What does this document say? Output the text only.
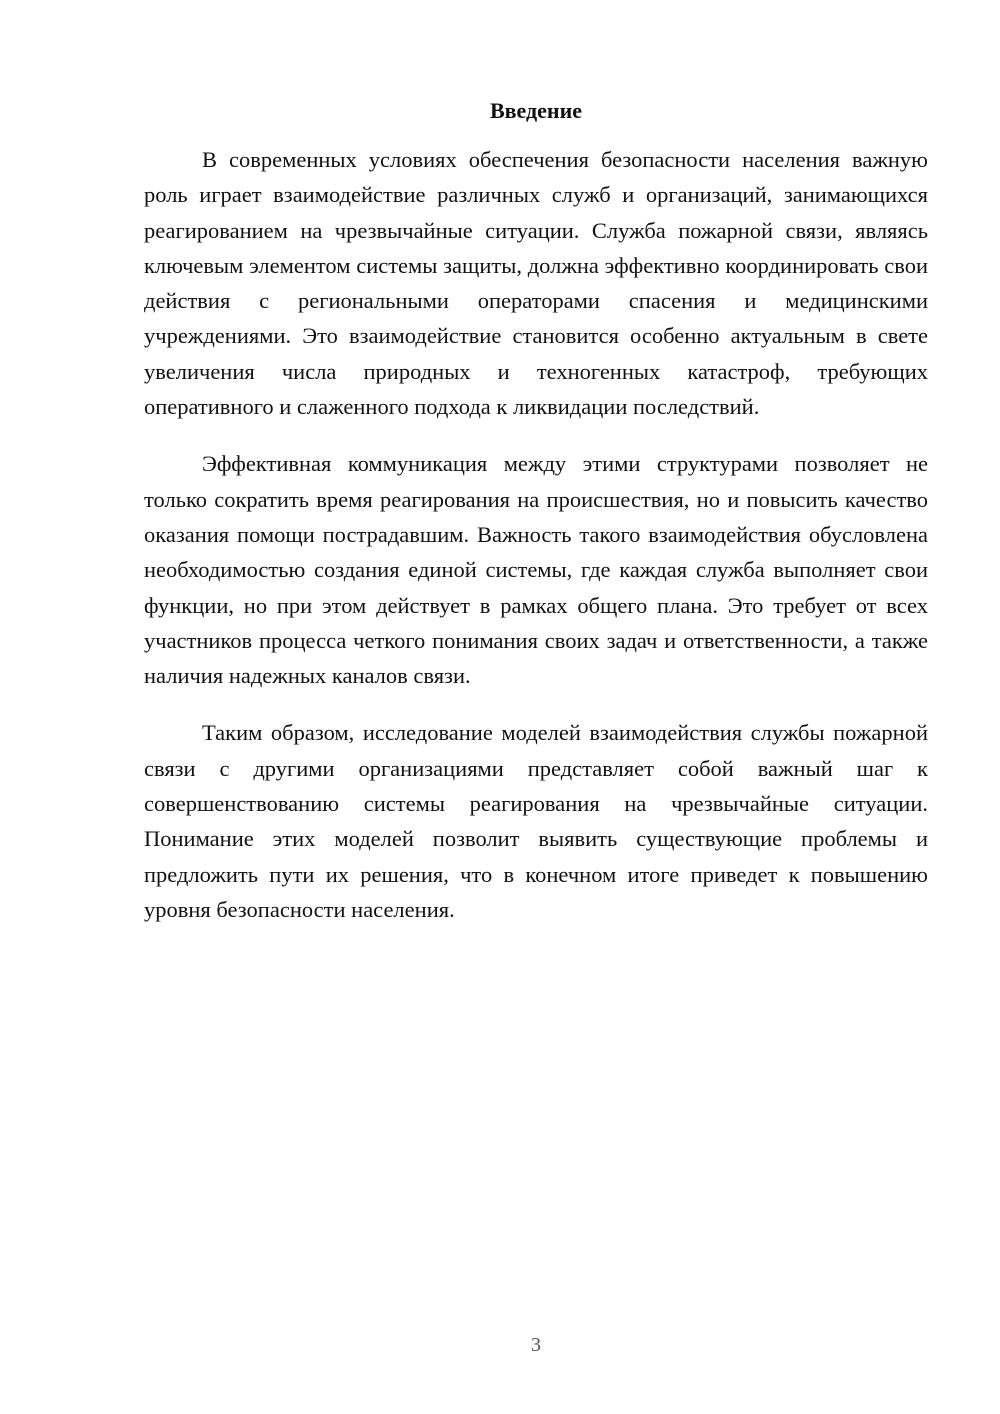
Введение

В современных условиях обеспечения безопасности населения важную роль играет взаимодействие различных служб и организаций, занимающихся реагированием на чрезвычайные ситуации. Служба пожарной связи, являясь ключевым элементом системы защиты, должна эффективно координировать свои действия с региональными операторами спасения и медицинскими учреждениями. Это взаимодействие становится особенно актуальным в свете увеличения числа природных и техногенных катастроф, требующих оперативного и слаженного подхода к ликвидации последствий.

Эффективная коммуникация между этими структурами позволяет не только сократить время реагирования на происшествия, но и повысить качество оказания помощи пострадавшим. Важность такого взаимодействия обусловлена необходимостью создания единой системы, где каждая служба выполняет свои функции, но при этом действует в рамках общего плана. Это требует от всех участников процесса четкого понимания своих задач и ответственности, а также наличия надежных каналов связи.

Таким образом, исследование моделей взаимодействия службы пожарной связи с другими организациями представляет собой важный шаг к совершенствованию системы реагирования на чрезвычайные ситуации. Понимание этих моделей позволит выявить существующие проблемы и предложить пути их решения, что в конечном итоге приведет к повышению уровня безопасности населения.

3
